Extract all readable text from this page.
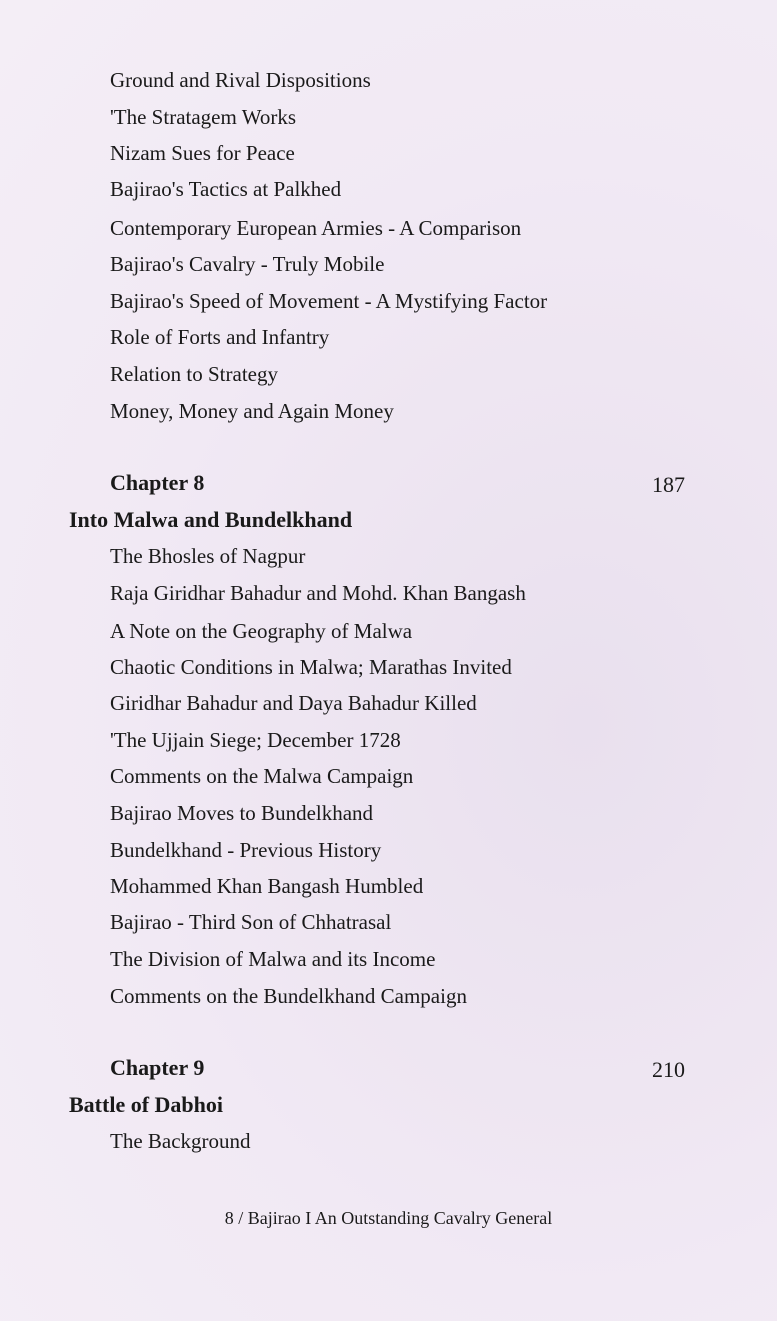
Ground and Rival Dispositions
'The Stratagem Works
Nizam Sues for Peace
Bajirao's Tactics at Palkhed
Contemporary European Armies - A Comparison
Bajirao's Cavalry - Truly Mobile
Bajirao's Speed of Movement - A Mystifying Factor
Role of Forts and Infantry
Relation to Strategy
Money, Money and Again Money
Chapter 8	187
Into Malwa and Bundelkhand
The Bhosles of Nagpur
Raja Giridhar Bahadur and Mohd. Khan Bangash
A Note on the Geography of Malwa
Chaotic Conditions in Malwa; Marathas Invited
Giridhar Bahadur and Daya Bahadur Killed
'The Ujjain Siege; December 1728
Comments on the Malwa Campaign
Bajirao Moves to Bundelkhand
Bundelkhand - Previous History
Mohammed Khan Bangash Humbled
Bajirao - Third Son of Chhatrasal
The Division of Malwa and its Income
Comments on the Bundelkhand Campaign
Chapter 9	210
Battle of Dabhoi
The Background
8 / Bajirao I An Outstanding Cavalry General
